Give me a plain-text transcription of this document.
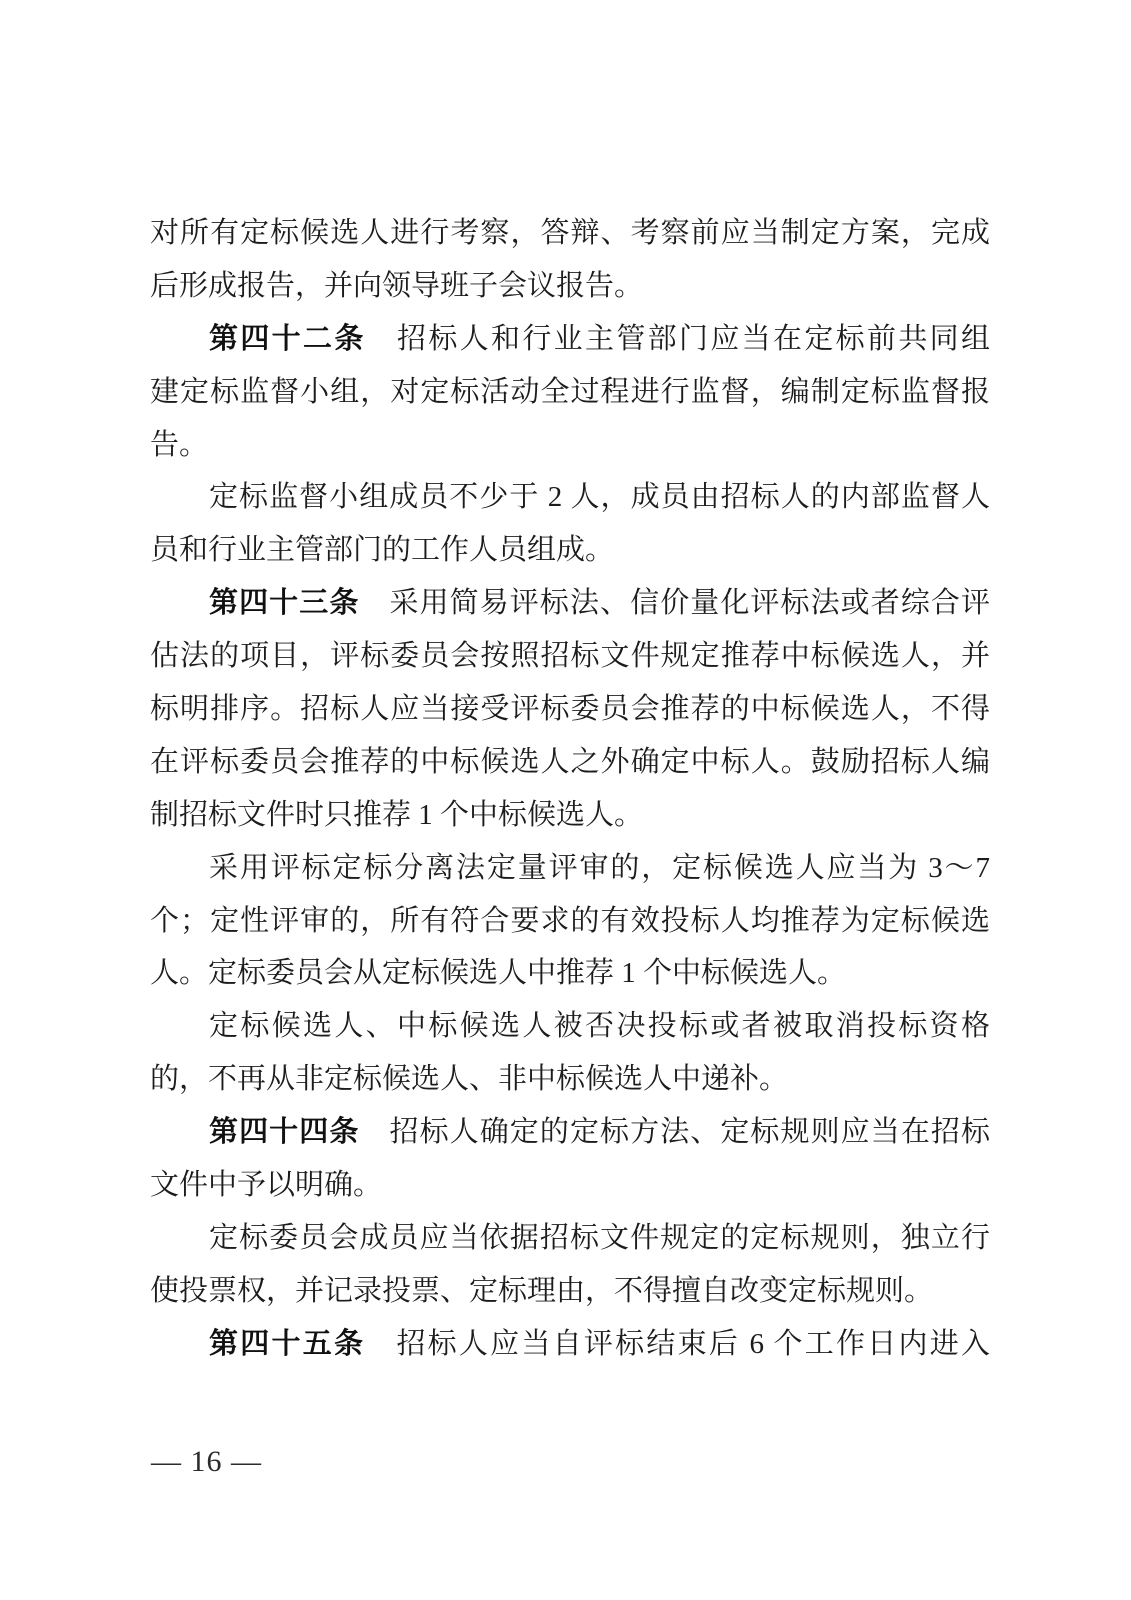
对所有定标候选人进行考察，答辩、考察前应当制定方案，完成
后形成报告，并向领导班子会议报告。
第四十二条　招标人和行业主管部门应当在定标前共同组
建定标监督小组，对定标活动全过程进行监督，编制定标监督报
告。
定标监督小组成员不少于 2 人，成员由招标人的内部监督人
员和行业主管部门的工作人员组成。
第四十三条　采用简易评标法、信价量化评标法或者综合评
估法的项目，评标委员会按照招标文件规定推荐中标候选人，并
标明排序。招标人应当接受评标委员会推荐的中标候选人，不得
在评标委员会推荐的中标候选人之外确定中标人。鼓励招标人编
制招标文件时只推荐 1 个中标候选人。
采用评标定标分离法定量评审的，定标候选人应当为 3～7
个；定性评审的，所有符合要求的有效投标人均推荐为定标候选
人。定标委员会从定标候选人中推荐 1 个中标候选人。
定标候选人、中标候选人被否决投标或者被取消投标资格
的，不再从非定标候选人、非中标候选人中递补。
第四十四条　招标人确定的定标方法、定标规则应当在招标
文件中予以明确。
定标委员会成员应当依据招标文件规定的定标规则，独立行
使投票权，并记录投票、定标理由，不得擅自改变定标规则。
第四十五条　招标人应当自评标结束后 6 个工作日内进入
— 16 —
